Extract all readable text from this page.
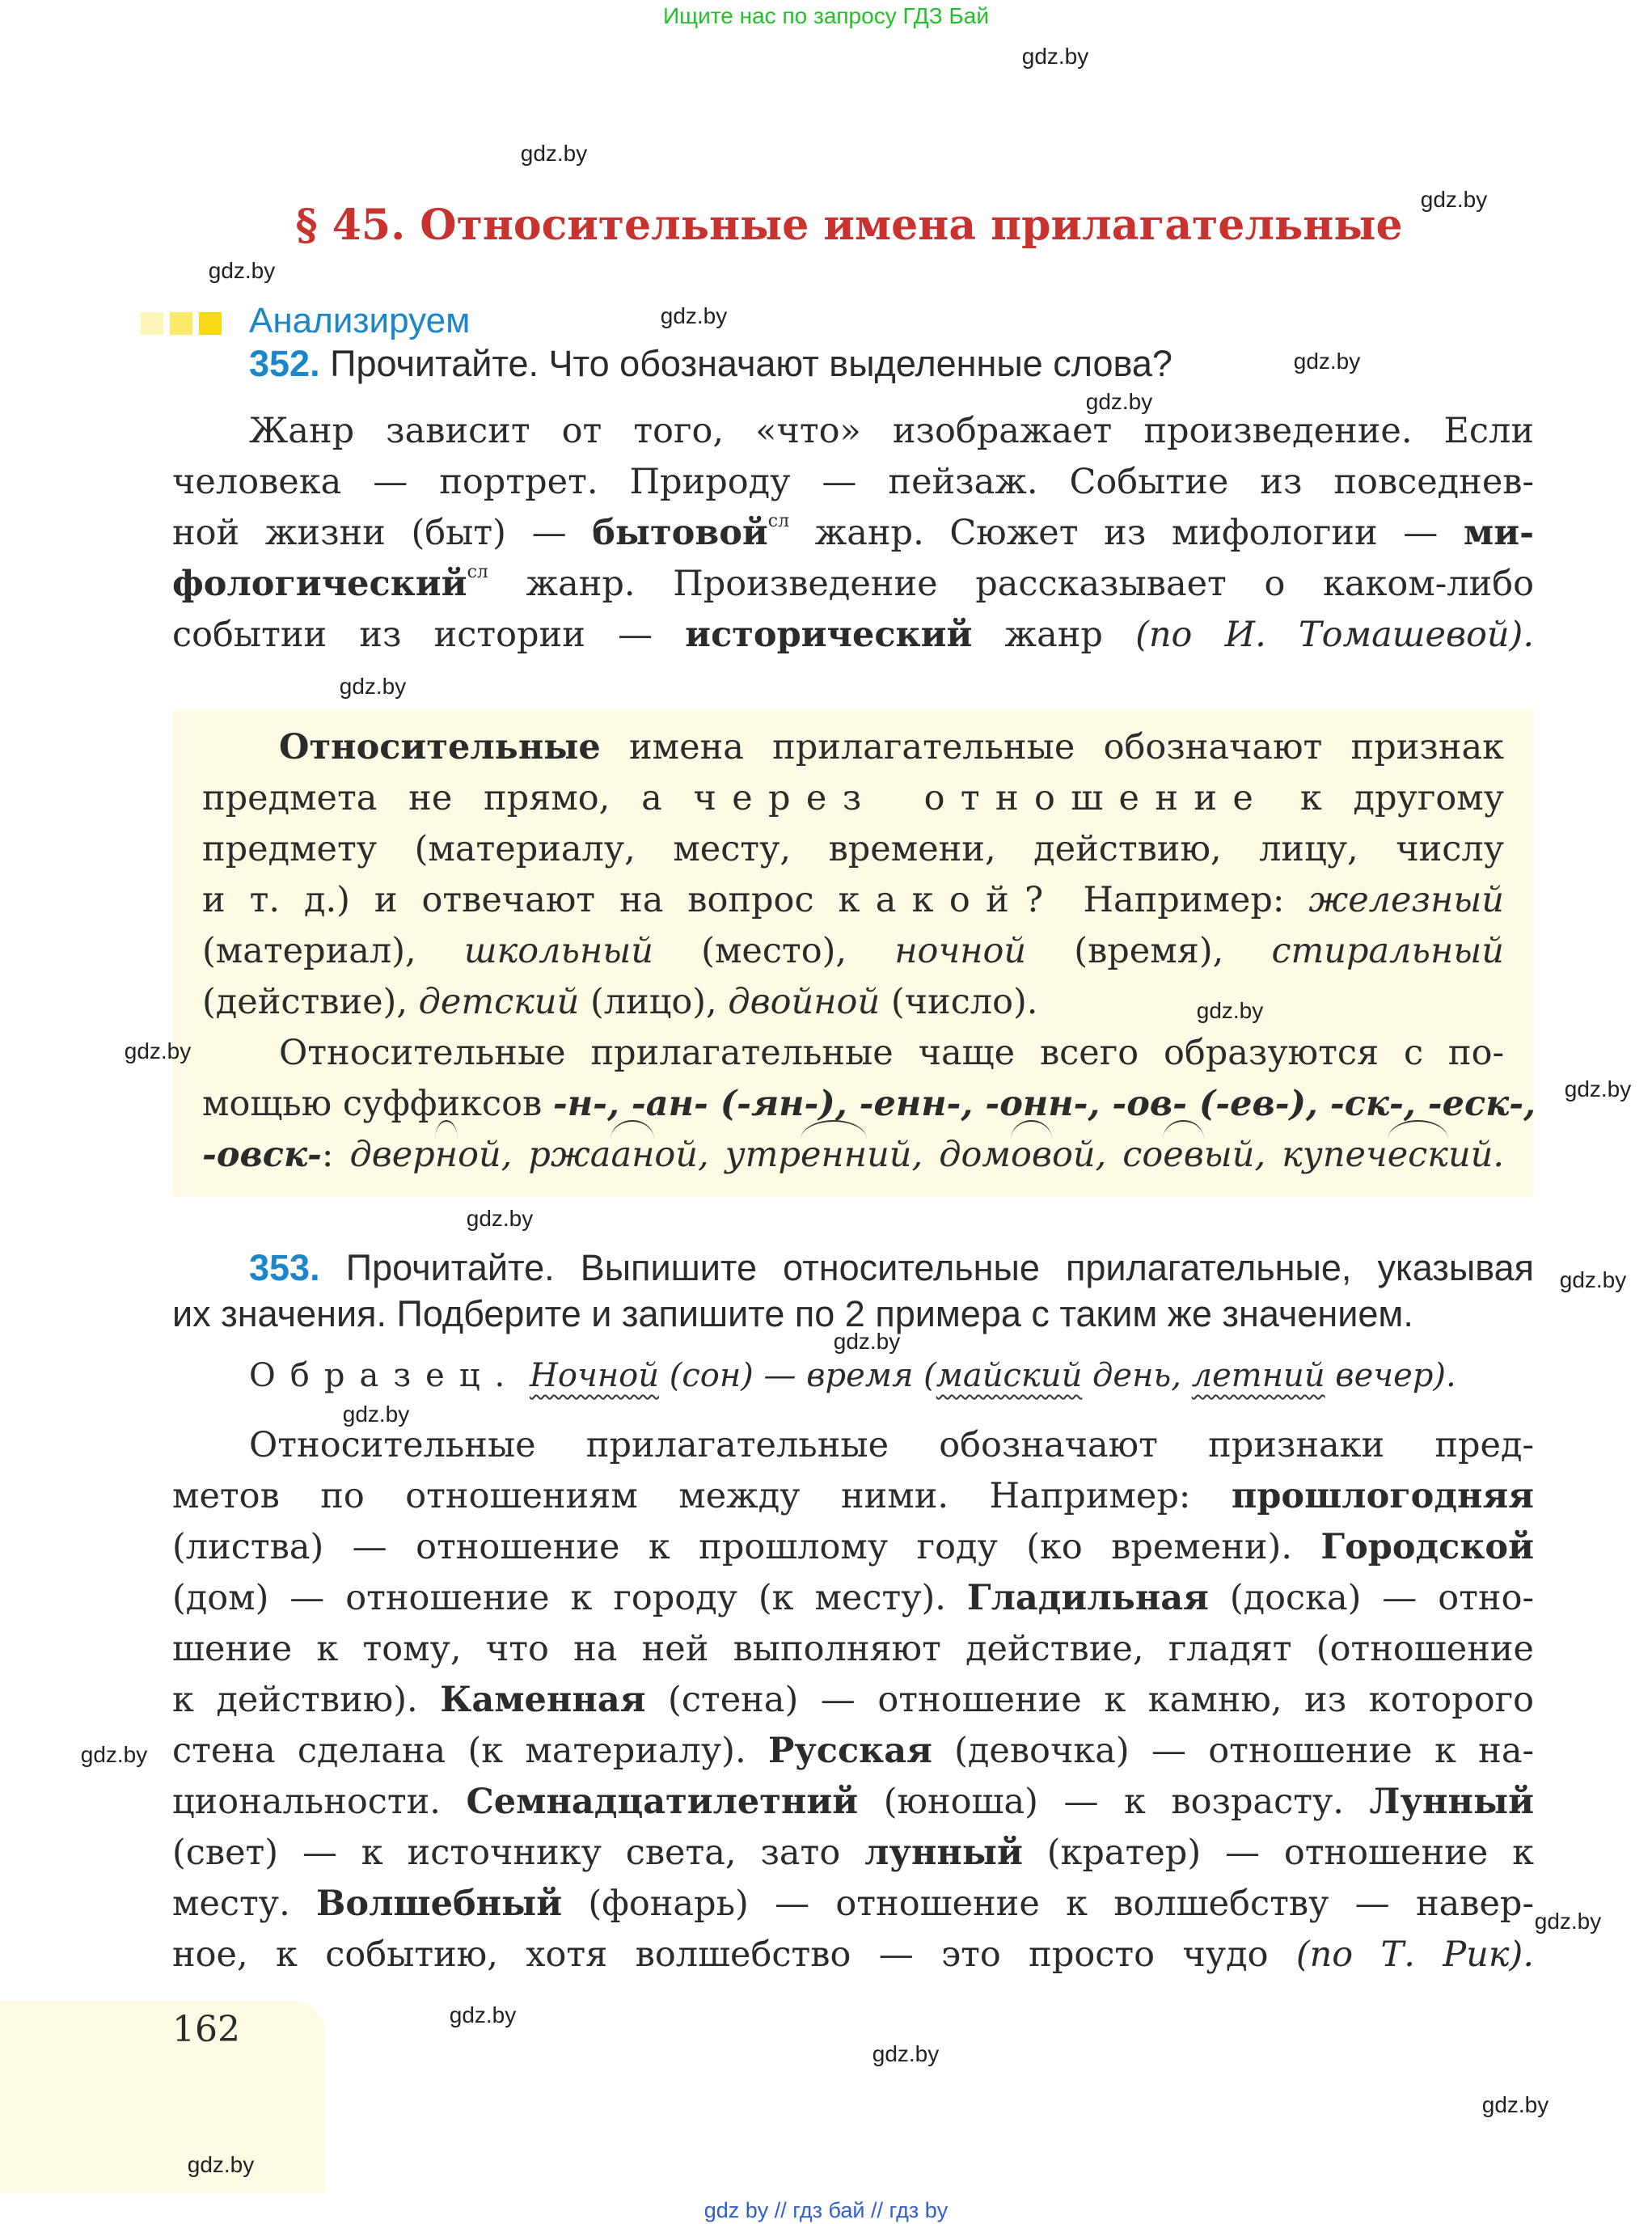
Ищите нас по запросу ГДЗ Бай
§ 45. Относительные имена прилагательные
Анализируем
352. Прочитайте. Что обозначают выделенные слова?
Жанр зависит от того, «что» изображает произведение. Если
человека — портрет. Природу — пейзаж. Событие из повседнев-
ной жизни (быт) — бытовой$^{сл}$ жанр. Сюжет из мифологии — ми-
фологический$^{сл}$ жанр. Произведение рассказывает о каком-либо
событии из истории — исторический жанр (по И. Томашевой).
Относительные имена прилагательные обозначают признак
предмета не прямо, а через отношение к другому
предмету (материалу, месту, времени, действию, лицу, числу
и т. д.) и отвечают на вопрос какой? Например: железный
(материал), школьный (место), ночной (время), стиральный
(действие), детский (лицо), двойной (число).
Относительные прилагательные чаще всего образуются с по-
мощью суффиксов -н-, -ан- (-ян-), -енн-, -онн-, -ов- (-ев-), -ск-, -еск-,
-овск-: дверной, ржааной, утренний, домовой, соевый, купеческий.
353. Прочитайте. Выпишите относительные прилагательные, указывая
их значения. Подберите и запишите по 2 примера с таким же значением.
Образец. Ночной (сон) — время (майский день, летний вечер).
Относительные прилагательные обозначают признаки пред-
метов по отношениям между ними. Например: прошлогодняя
(листва) — отношение к прошлому году (ко времени). Городской
(дом) — отношение к городу (к месту). Гладильная (доска) — отно-
шение к тому, что на ней выполняют действие, гладят (отношение
к действию). Каменная (стена) — отношение к камню, из которого
стена сделана (к материалу). Русская (девочка) — отношение к на-
циональности. Семнадцатилетний (юноша) — к возрасту. Лунный
(свет) — к источнику света, зато лунный (кратер) — отношение к
месту. Волшебный (фонарь) — отношение к волшебству — навер-
ное, к событию, хотя волшебство — это просто чудо (по Т. Рик).
162
gdz by // гдз бай // гдз by
gdz.by
gdz.by
gdz.by
gdz.by
gdz.by
gdz.by
gdz.by
gdz.by
gdz.by
gdz.by
gdz.by
gdz.by
gdz.by
gdz.by
gdz.by
gdz.by
gdz.by
gdz.by
gdz.by
gdz.by
gdz.by
